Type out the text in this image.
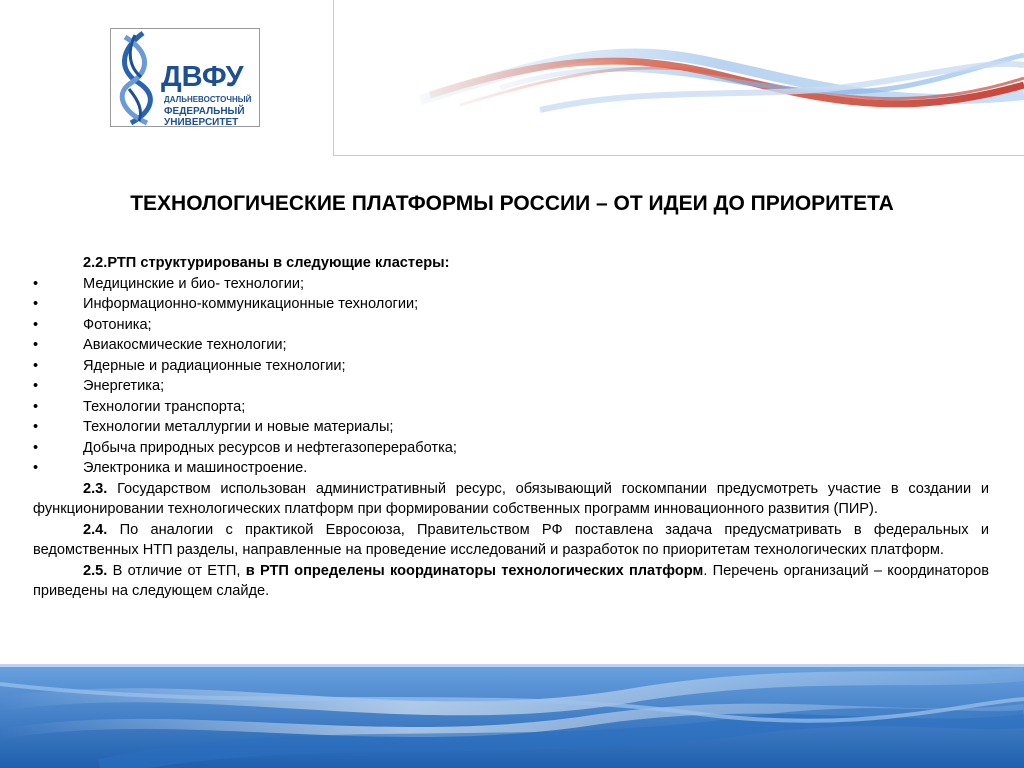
ДВФУ
ДАЛЬНЕВОСТОЧНЫЙ
ФЕДЕРАЛЬНЫЙ
УНИВЕРСИТЕТ
ТЕХНОЛОГИЧЕСКИЕ ПЛАТФОРМЫ РОССИИ – ОТ ИДЕИ ДО ПРИОРИТЕТА
2.2.РТП структурированы в следующие кластеры:
•	Медицинские и био- технологии;
•	Информационно-коммуникационные технологии;
•	Фотоника;
•	Авиакосмические технологии;
•	Ядерные и радиационные технологии;
•	Энергетика;
•	Технологии транспорта;
•	Технологии металлургии и новые материалы;
•	Добыча природных ресурсов и нефтегазопереработка;
•	Электроника и машиностроение.
2.3. Государством использован административный ресурс, обязывающий госкомпании предусмотреть участие в создании и функционировании технологических платформ при формировании собственных программ инновационного развития (ПИР).
2.4. По аналогии с практикой Евросоюза, Правительством РФ поставлена задача предусматривать в федеральных и ведомственных НТП разделы, направленные на проведение исследований и разработок по приоритетам технологических платформ.
2.5. В отличие от ЕТП, в РТП определены координаторы технологических платформ. Перечень организаций – координаторов приведены на следующем слайде.
